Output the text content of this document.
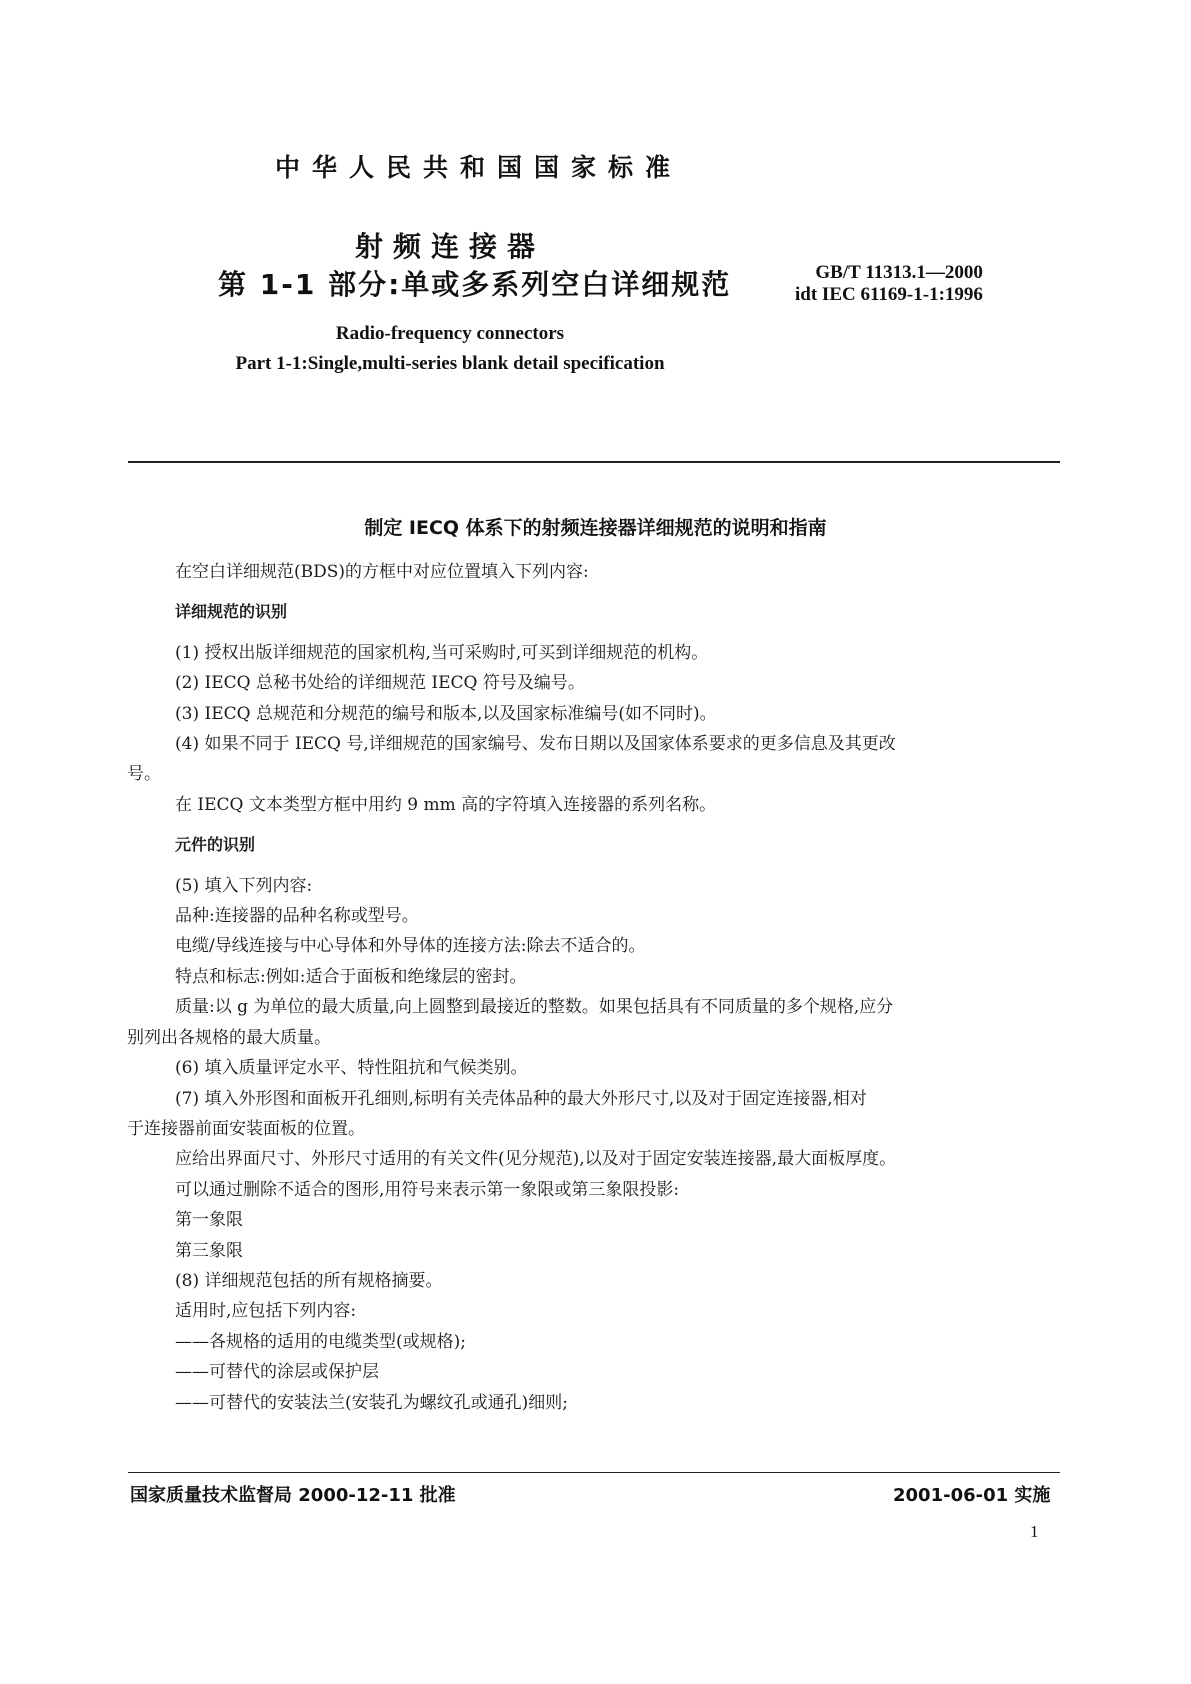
中华人民共和国国家标准
射频连接器
第 1-1 部分:单或多系列空白详细规范	GB/T 11313.1—2000
idt IEC 61169-1-1:1996
Radio-frequency connectors
Part 1-1:Single,multi-series blank detail specification
制定 IECQ 体系下的射频连接器详细规范的说明和指南

在空白详细规范(BDS)的方框中对应位置填入下列内容:

详细规范的识别

(1) 授权出版详细规范的国家机构,当可采购时,可买到详细规范的机构。

(2) IECQ 总秘书处给的详细规范 IECQ 符号及编号。

(3) IECQ 总规范和分规范的编号和版本,以及国家标准编号(如不同时)。

(4) 如果不同于 IECQ 号,详细规范的国家编号、发布日期以及国家体系要求的更多信息及其更改

号。

在 IECQ 文本类型方框中用约 9 mm 高的字符填入连接器的系列名称。

元件的识别

(5) 填入下列内容:

品种:连接器的品种名称或型号。

电缆/导线连接与中心导体和外导体的连接方法:除去不适合的。

特点和标志:例如:适合于面板和绝缘层的密封。

质量:以 g 为单位的最大质量,向上圆整到最接近的整数。如果包括具有不同质量的多个规格,应分

别列出各规格的最大质量。

(6) 填入质量评定水平、特性阻抗和气候类别。

(7) 填入外形图和面板开孔细则,标明有关壳体品种的最大外形尺寸,以及对于固定连接器,相对

于连接器前面安装面板的位置。

应给出界面尺寸、外形尺寸适用的有关文件(见分规范),以及对于固定安装连接器,最大面板厚度。

可以通过删除不适合的图形,用符号来表示第一象限或第三象限投影:

第一象限

第三象限

(8) 详细规范包括的所有规格摘要。

适用时,应包括下列内容:

——各规格的适用的电缆类型(或规格);

——可替代的涂层或保护层

——可替代的安装法兰(安装孔为螺纹孔或通孔)细则;

国家质量技术监督局 2000-12-11 批准	2001-06-01 实施
1
